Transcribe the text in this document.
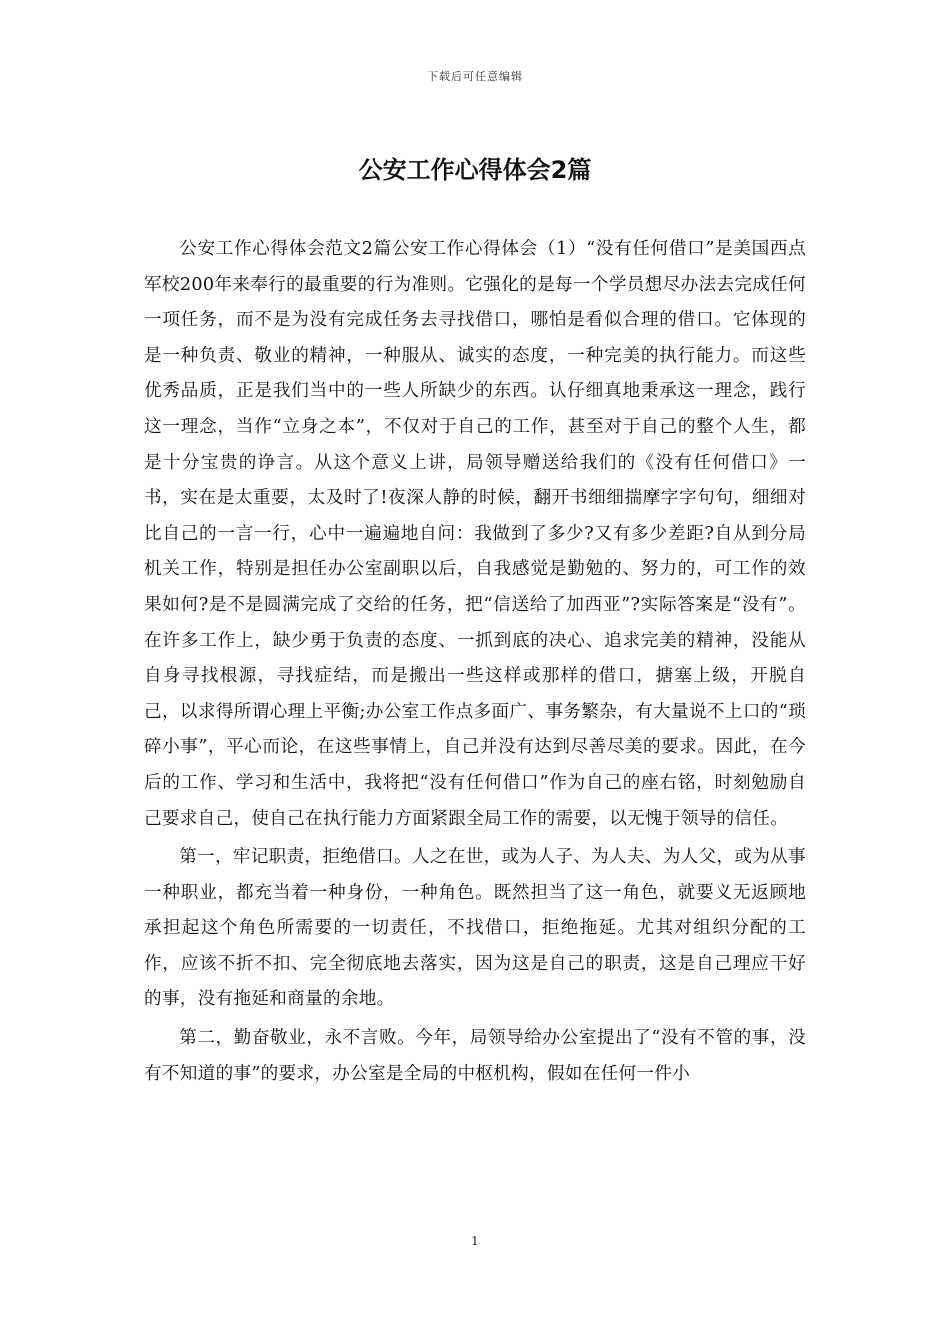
下载后可任意编辑
公安工作心得体会2篇

公安工作心得体会范文2篇公安工作心得体会（1）“没有任何借口”是美国西点军校200年来奉行的最重要的行为准则。它强化的是每一个学员想尽办法去完成任何一项任务，而不是为没有完成任务去寻找借口，哪怕是看似合理的借口。它体现的是一种负责、敬业的精神，一种服从、诚实的态度，一种完美的执行能力。而这些优秀品质，正是我们当中的一些人所缺少的东西。认仔细真地秉承这一理念，践行这一理念，当作“立身之本”，不仅对于自己的工作，甚至对于自己的整个人生，都是十分宝贵的诤言。从这个意义上讲，局领导赠送给我们的《没有任何借口》一书，实在是太重要，太及时了!夜深人静的时候，翻开书细细揣摩字字句句，细细对比自己的一言一行，心中一遍遍地自问：我做到了多少?又有多少差距?自从到分局机关工作，特别是担任办公室副职以后，自我感觉是勤勉的、努力的，可工作的效果如何?是不是圆满完成了交给的任务，把“信送给了加西亚”?实际答案是“没有”。在许多工作上，缺少勇于负责的态度、一抓到底的决心、追求完美的精神，没能从自身寻找根源，寻找症结，而是搬出一些这样或那样的借口，搪塞上级，开脱自己，以求得所谓心理上平衡;办公室工作点多面广、事务繁杂，有大量说不上口的“琐碎小事”，平心而论，在这些事情上，自己并没有达到尽善尽美的要求。因此，在今后的工作、学习和生活中，我将把“没有任何借口”作为自己的座右铭，时刻勉励自己要求自己，使自己在执行能力方面紧跟全局工作的需要，以无愧于领导的信任。

第一，牢记职责，拒绝借口。人之在世，或为人子、为人夫、为人父，或为从事一种职业，都充当着一种身份，一种角色。既然担当了这一角色，就要义无返顾地承担起这个角色所需要的一切责任，不找借口，拒绝拖延。尤其对组织分配的工作，应该不折不扣、完全彻底地去落实，因为这是自己的职责，这是自己理应干好的事，没有拖延和商量的余地。

第二，勤奋敬业，永不言败。今年，局领导给办公室提出了“没有不管的事，没有不知道的事”的要求，办公室是全局的中枢机构，假如在任何一件小

1
